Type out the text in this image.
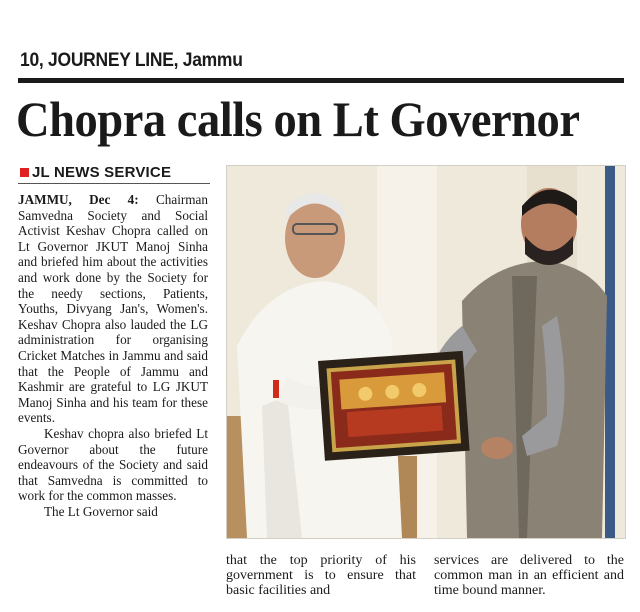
10, JOURNEY LINE, Jammu
Chopra calls on Lt Governor
JL NEWS SERVICE

JAMMU, Dec 4: Chairman Samvedna Society and Social Activist Keshav Chopra called on Lt Governor JKUT Manoj Sinha and briefed him about the activities and work done by the Society for the needy sections, Patients, Youths, Divyang Jan's, Women's. Keshav Chopra also lauded the LG administration for organising Cricket Matches in Jammu and said that the People of Jammu and Kashmir are grateful to LG JKUT Manoj Sinha and his team for these events.

Keshav chopra also briefed Lt Governor about the future endeavours of the Society and said that Samvedna is committed to work for the common masses.

The Lt Governor said

that the top priority of his government is to ensure that basic facilities and

services are delivered to the common man in an efficient and time bound manner.
